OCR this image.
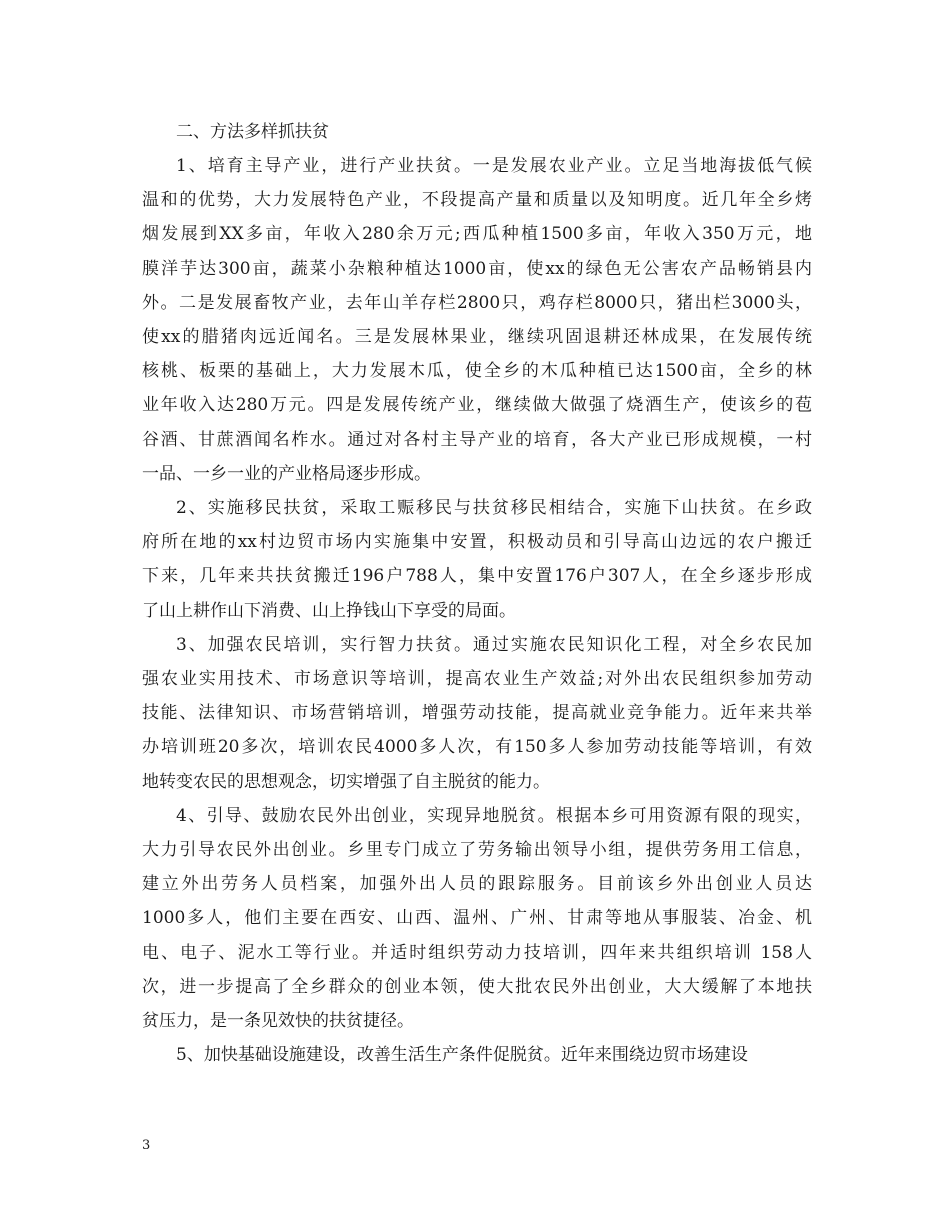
二、方法多样抓扶贫

1、培育主导产业，进行产业扶贫。一是发展农业产业。立足当地海拔低气候
温和的优势，大力发展特色产业，不段提高产量和质量以及知明度。近几年全乡烤
烟发展到XX多亩，年收入280余万元;西瓜种植1500多亩，年收入350万元，地
膜洋芋达300亩，蔬菜小杂粮种植达1000亩，使xx的绿色无公害农产品畅销县内
外。二是发展畜牧产业，去年山羊存栏2800只，鸡存栏8000只，猪出栏3000头，
使xx的腊猪肉远近闻名。三是发展林果业，继续巩固退耕还林成果，在发展传统
核桃、板栗的基础上，大力发展木瓜，使全乡的木瓜种植已达1500亩，全乡的林
业年收入达280万元。四是发展传统产业，继续做大做强了烧酒生产，使该乡的苞
谷酒、甘蔗酒闻名柞水。通过对各村主导产业的培育，各大产业已形成规模，一村
一品、一乡一业的产业格局逐步形成。
2、实施移民扶贫，采取工赈移民与扶贫移民相结合，实施下山扶贫。在乡政
府所在地的xx村边贸市场内实施集中安置，积极动员和引导高山边远的农户搬迁
下来，几年来共扶贫搬迁196户788人，集中安置176户307人，在全乡逐步形成
了山上耕作山下消费、山上挣钱山下享受的局面。
3、加强农民培训，实行智力扶贫。通过实施农民知识化工程，对全乡农民加
强农业实用技术、市场意识等培训，提高农业生产效益;对外出农民组织参加劳动
技能、法律知识、市场营销培训，增强劳动技能，提高就业竞争能力。近年来共举
办培训班20多次，培训农民4000多人次，有150多人参加劳动技能等培训，有效
地转变农民的思想观念，切实增强了自主脱贫的能力。
4、引导、鼓励农民外出创业，实现异地脱贫。根据本乡可用资源有限的现实，
大力引导农民外出创业。乡里专门成立了劳务输出领导小组，提供劳务用工信息，
建立外出劳务人员档案，加强外出人员的跟踪服务。目前该乡外出创业人员达
1000多人，他们主要在西安、山西、温州、广州、甘肃等地从事服装、冶金、机
电、电子、泥水工等行业。并适时组织劳动力技培训，四年来共组织培训 158人
次，进一步提高了全乡群众的创业本领，使大批农民外出创业，大大缓解了本地扶
贫压力，是一条见效快的扶贫捷径。
5、加快基础设施建设，改善生活生产条件促脱贫。近年来围绕边贸市场建设
3
